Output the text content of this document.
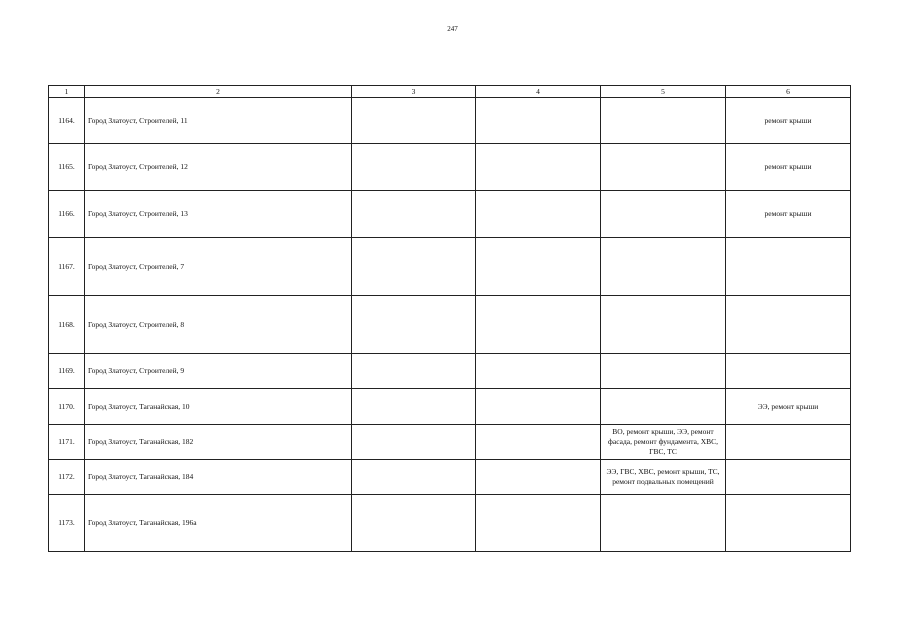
247
1	2	3	4	5	6
1164.	Город Златоуст, Строителей, 11				ремонт крыши
1165.	Город Златоуст, Строителей, 12				ремонт крыши
1166.	Город Златоуст, Строителей, 13				ремонт крыши
1167.	Город Златоуст, Строителей, 7				
1168.	Город Златоуст, Строителей, 8				
1169.	Город Златоуст, Строителей, 9				
1170.	Город Златоуст, Таганайская, 10				ЭЭ, ремонт крыши
1171.	Город Златоуст, Таганайская, 182			ВО, ремонт крыши, ЭЭ, ремонт фасада, ремонт фундамента, ХВС, ГВС, ТС	
1172.	Город Златоуст, Таганайская, 184			ЭЭ, ГВС, ХВС, ремонт крыши, ТС, ремонт подвальных помещений	
1173.	Город Златоуст, Таганайская, 196а				
